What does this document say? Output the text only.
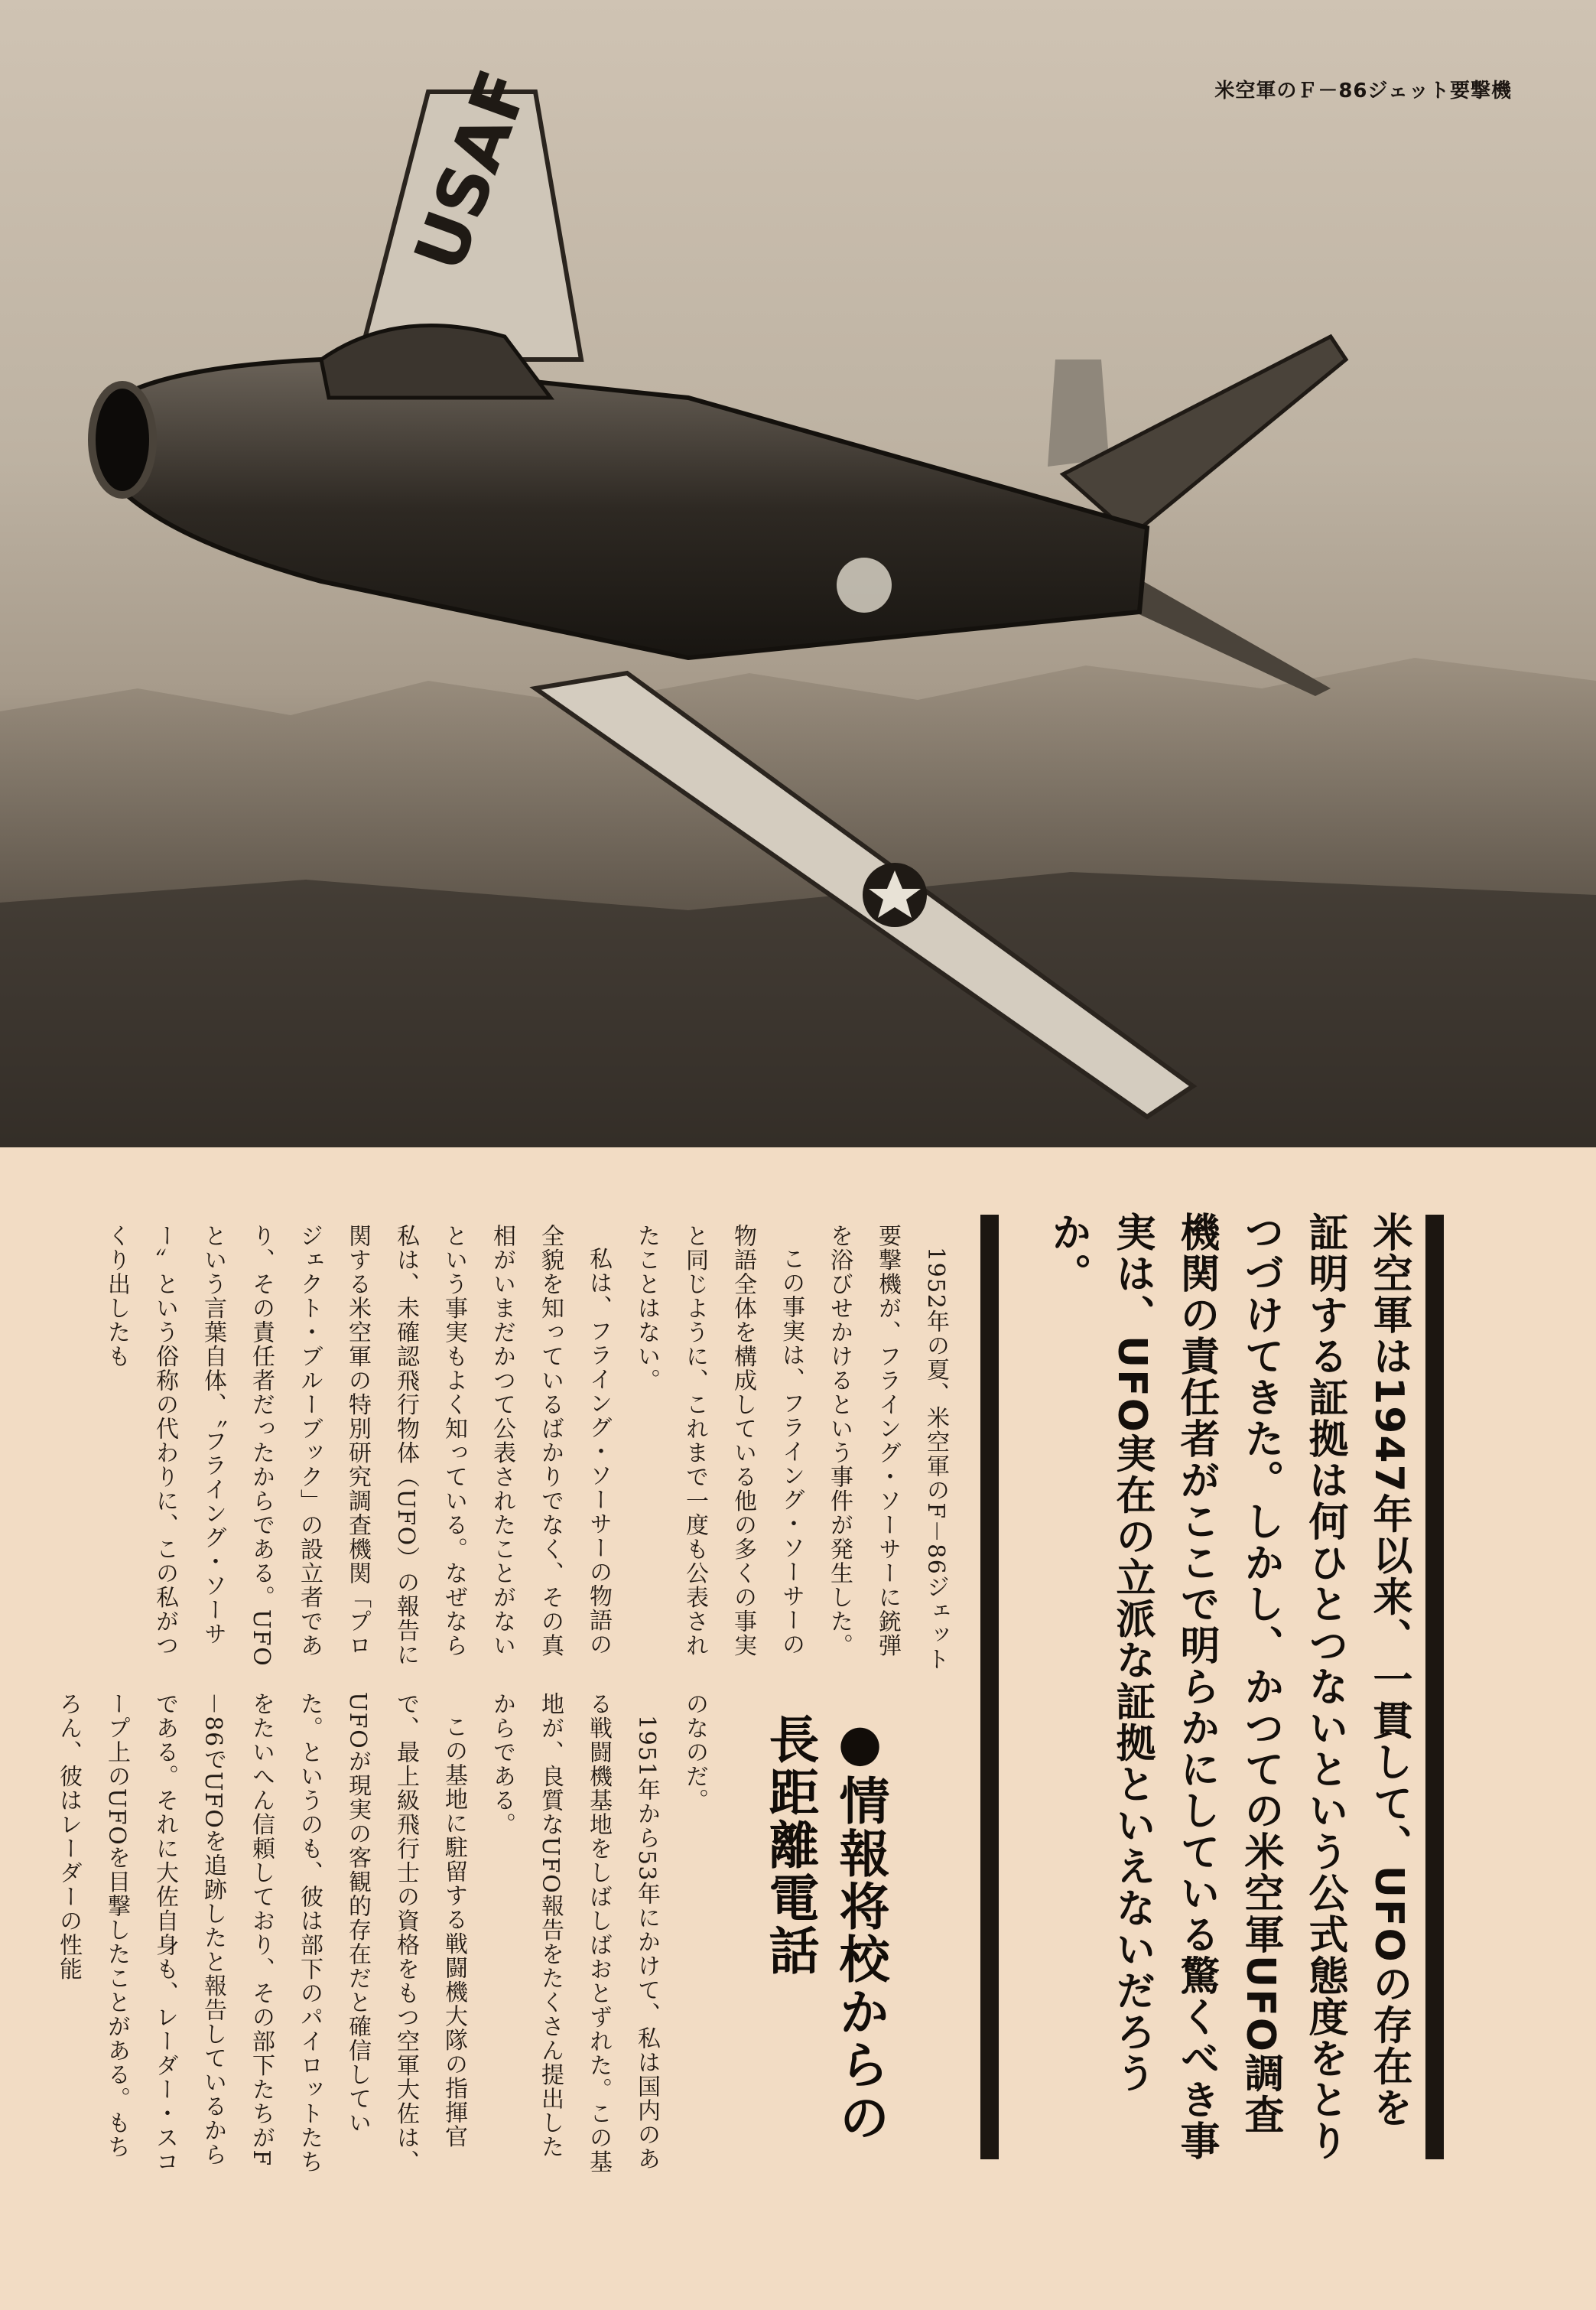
USAF	米空軍のＦ－86ジェット要撃機
米空軍は1947年以来、一貫して、UFOの存在を証明する証拠は何ひとつないという公式態度をとりつづけてきた。しかし、かつての米空軍UFO調査機関の責任者がここで明らかにしている驚くべき事実は、UFO実在の立派な証拠といえないだろうか。

1952年の夏、米空軍のF－86ジェット要撃機が、フライング・ソーサーに銃弾を浴びせかけるという事件が発生した。

この事実は、フライング・ソーサーの物語全体を構成している他の多くの事実と同じように、これまで一度も公表されたことはない。

私は、フライング・ソーサーの物語の全貌を知っているばかりでなく、その真相がいまだかつて公表されたことがないという事実もよく知っている。なぜなら私は、未確認飛行物体（UFO）の報告に関する米空軍の特別研究調査機関「プロジェクト・ブルーブック」の設立者であり、その責任者だったからである。UFOという言葉自体、〝フライング・ソーサー〟という俗称の代わりに、この私がつくり出したも

●情報将校からの長距離電話

のなのだ。

1951年から53年にかけて、私は国内のある戦闘機基地をしばしばおとずれた。この基地が、良質なUFO報告をたくさん提出したからである。

この基地に駐留する戦闘機大隊の指揮官で、最上級飛行士の資格をもつ空軍大佐は、UFOが現実の客観的存在だと確信していた。というのも、彼は部下のパイロットたちをたいへん信頼しており、その部下たちがF－86でUFOを追跡したと報告しているからである。それに大佐自身も、レーダー・スコープ上のUFOを目撃したことがある。もちろん、彼はレーダーの性能
